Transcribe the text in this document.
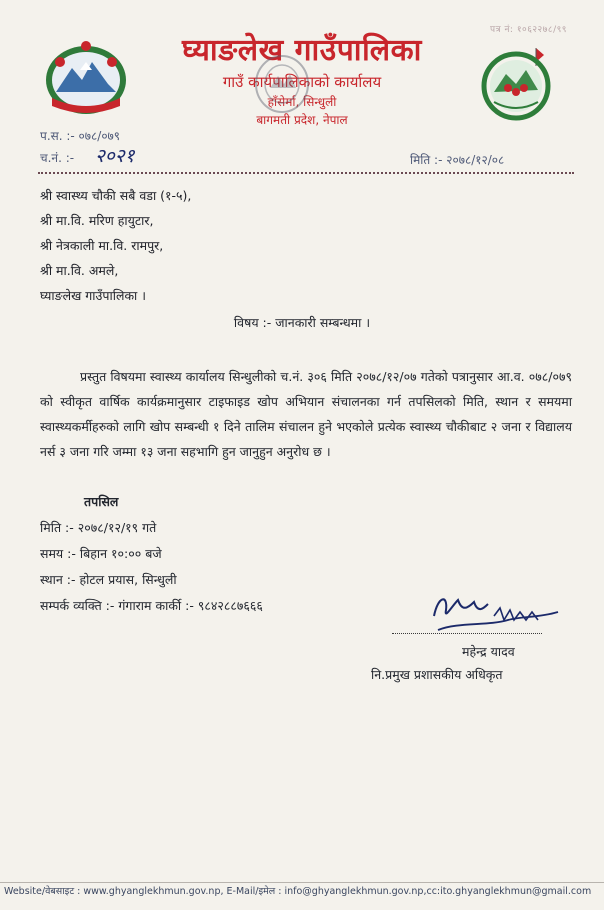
पत्र नं: १०६२२७८/९९
घ्याङलेख गाउँपालिका
गाउँ कार्यपालिकाको कार्यालय
हाँसेर्मा, सिन्धुली
बागमती प्रदेश, नेपाल
प.स. :- ०७८/०७९
च.नं. :- २०२१	मिति :- २०७८/१२/०८
श्री स्वास्थ्य चौकी सबै वडा (१-५),
श्री मा.वि. मरिण हायुटार,
श्री नेत्रकाली मा.वि. रामपुर,
श्री मा.वि. अमले,
घ्याङलेख गाउँपालिका ।
विषय :- जानकारी सम्बन्धमा ।
प्रस्तुत विषयमा स्वास्थ्य कार्यालय सिन्धुलीको च.नं. ३०६ मिति २०७८/१२/०७ गतेको पत्रानुसार आ.व. ०७८/०७९ को स्वीकृत वार्षिक कार्यक्रमानुसार टाइफाइड खोप अभियान संचालनका गर्न तपसिलको मिति, स्थान र समयमा स्वास्थ्यकर्मीहरुको लागि खोप सम्बन्धी १ दिने तालिम संचालन हुने भएकोले प्रत्येक स्वास्थ्य चौकीबाट २ जना र विद्यालय नर्स ३ जना गरि जम्मा १३ जना सहभागि हुन जानुहुन अनुरोध छ ।
तपसिल
मिति :- २०७८/१२/१९ गते
समय :- बिहान १०:०० बजे
स्थान :- होटल प्रयास, सिन्धुली
सम्पर्क व्यक्ति :- गंगाराम कार्की :- ९८४२८८७६६६
महेन्द्र यादव
नि.प्रमुख प्रशासकीय अधिकृत
Website/वेबसाइट : www.ghyanglekhmun.gov.np, E-Mail/इमेल : info@ghyanglekhmun.gov.np,cc:ito.ghyanglekhmun@gmail.com
